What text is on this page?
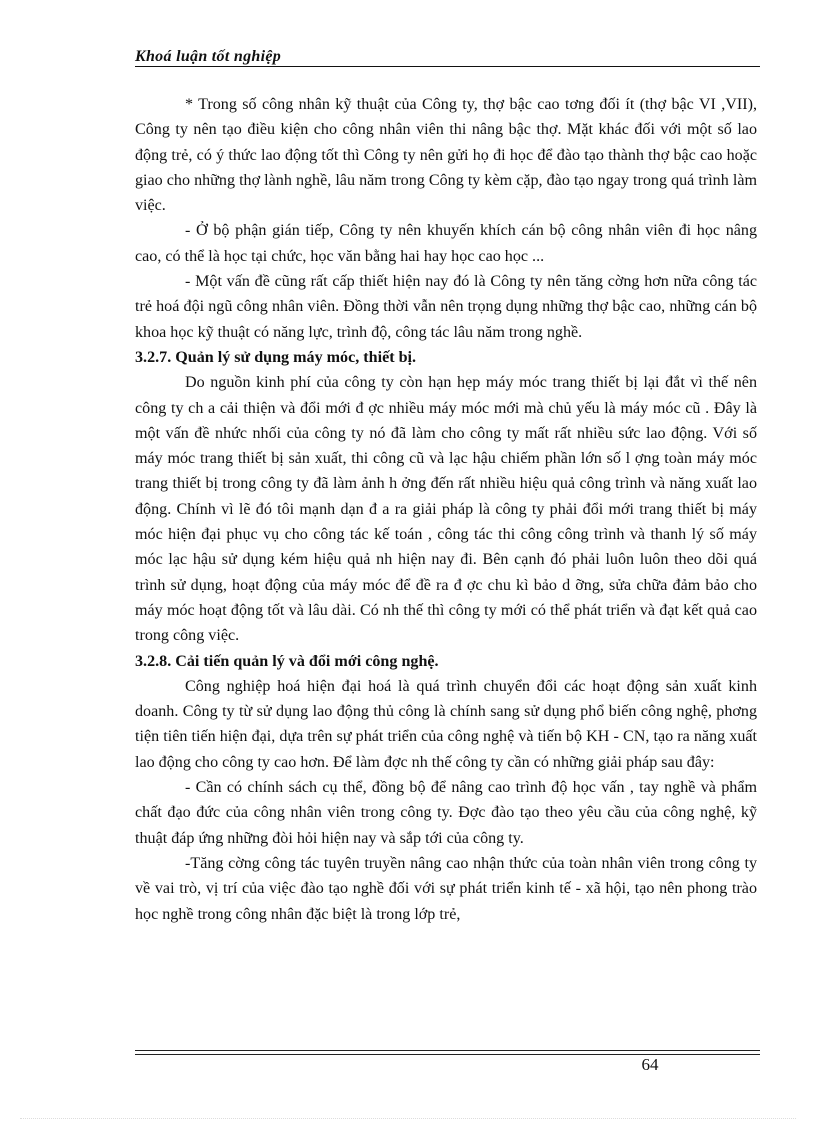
Khoá luận tốt nghiệp

* Trong số công nhân kỹ thuật của Công ty, thợ bậc cao tơng đối ít (thợ bậc VI ,VII), Công ty nên tạo điều kiện cho công nhân viên thi nâng bậc thợ. Mặt khác đối với một số lao động trẻ, có ý thức lao động tốt thì Công ty nên gửi họ đi học để đào tạo thành thợ bậc cao hoặc giao cho những thợ lành nghề, lâu năm trong Công ty kèm cặp, đào tạo ngay trong quá trình làm việc.

- Ở bộ phận gián tiếp, Công ty nên khuyến khích cán bộ công nhân viên đi học nâng cao, có thể là học tại chức, học văn bằng hai hay học cao học ...

- Một vấn đề cũng rất cấp thiết hiện nay đó là Công ty nên tăng cờng hơn nữa công tác trẻ hoá đội ngũ công nhân viên. Đồng thời vẫn nên trọng dụng những thợ bậc cao, những cán bộ khoa học kỹ thuật có năng lực, trình độ, công tác lâu năm trong nghề.

3.2.7. Quản lý sử dụng máy móc, thiết bị.

Do nguồn kinh phí của công ty còn hạn hẹp máy móc trang thiết bị lại đắt vì thế nên công ty ch a cải thiện và đổi mới đ ợc nhiều máy móc mới mà chủ yếu là máy móc cũ . Đây là một vấn đề nhức nhối của công ty nó đã làm cho công ty mất rất nhiều sức lao động. Với số máy móc trang thiết bị sản xuất, thi công cũ và lạc hậu chiếm phần lớn số l ợng toàn máy móc trang thiết bị trong công ty đã làm ảnh h ởng đến rất nhiều hiệu quả công trình và năng xuất lao động. Chính vì lẽ đó tôi mạnh dạn đ a ra giải pháp là công ty phải đổi mới trang thiết bị máy móc hiện đại phục vụ cho công tác kế toán , công tác thi công công trình và thanh lý số máy móc lạc hậu sử dụng kém hiệu quả nh hiện nay đi. Bên cạnh đó phải luôn luôn theo dõi quá trình sử dụng, hoạt động của máy móc để đề ra đ ợc chu kì bảo d ỡng, sửa chữa đảm bảo cho máy móc hoạt động tốt và lâu dài. Có nh thế thì công ty mới có thể phát triển và đạt kết quả cao trong công việc.

3.2.8. Cải tiến quản lý và đổi mới công nghệ.

Công nghiệp hoá hiện đại hoá là quá trình chuyển đổi các hoạt động sản xuất kinh doanh. Công ty từ sử dụng lao động thủ công là chính sang sử dụng phổ biến công nghệ, phơng tiện tiên tiến hiện đại, dựa trên sự phát triển của công nghệ và tiến bộ KH - CN, tạo ra năng xuất lao động cho công ty cao hơn. Để làm đợc nh thế công ty cần có những giải pháp sau đây:

- Cần có chính sách cụ thể, đồng bộ để nâng cao trình độ học vấn , tay nghề và phẩm chất đạo đức của công nhân viên trong công ty. Đợc đào tạo theo yêu cầu của công nghệ, kỹ thuật đáp ứng những đòi hỏi hiện nay và sắp tới của công ty.

-Tăng cờng công tác tuyên truyền nâng cao nhận thức của toàn nhân viên trong công ty về vai trò, vị trí của việc đào tạo nghề đối với sự phát triển kinh tế - xã hội, tạo nên phong trào học nghề trong công nhân đặc biệt là trong lớp trẻ,

64
